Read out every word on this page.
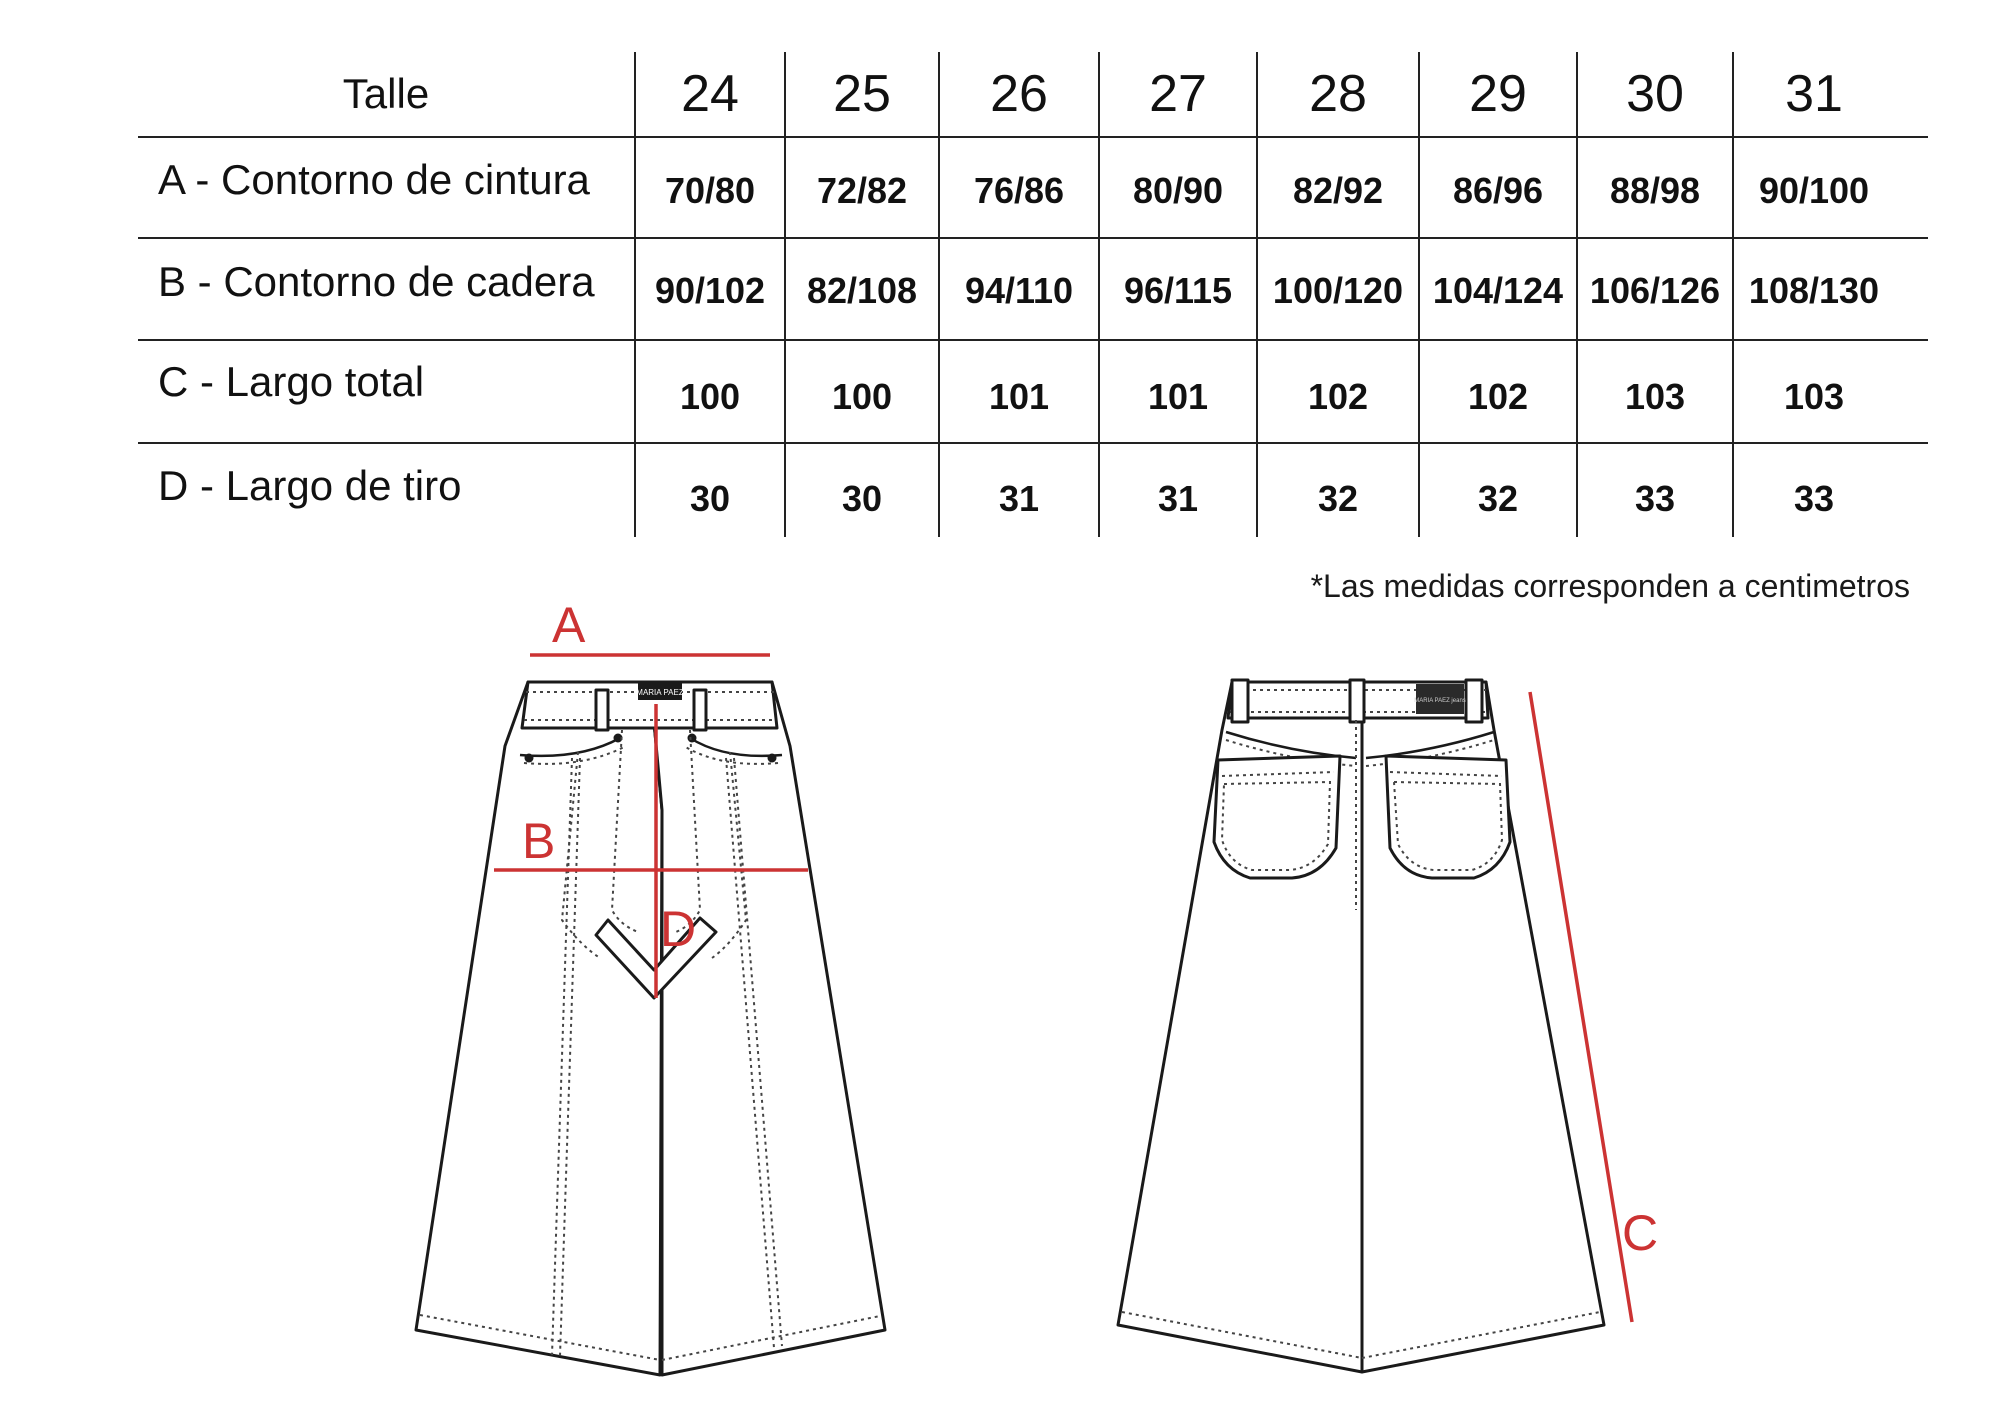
Talle	24	25	26	27	28	29	30	31
A - Contorno de cintura	70/80	72/82	76/86	80/90	82/92	86/96	88/98	90/100
B - Contorno de cadera	90/102	82/108	94/110	96/115	100/120 104/124 106/126 108/130
C - Largo total	100	100	101	101	102	102	103	103
D - Largo de tiro	30	30	31	31	32	32	33	33
*Las medidas corresponden a centimetros
MARIA PAEZ
A
B
D
MARIA PAEZ jeans
C
